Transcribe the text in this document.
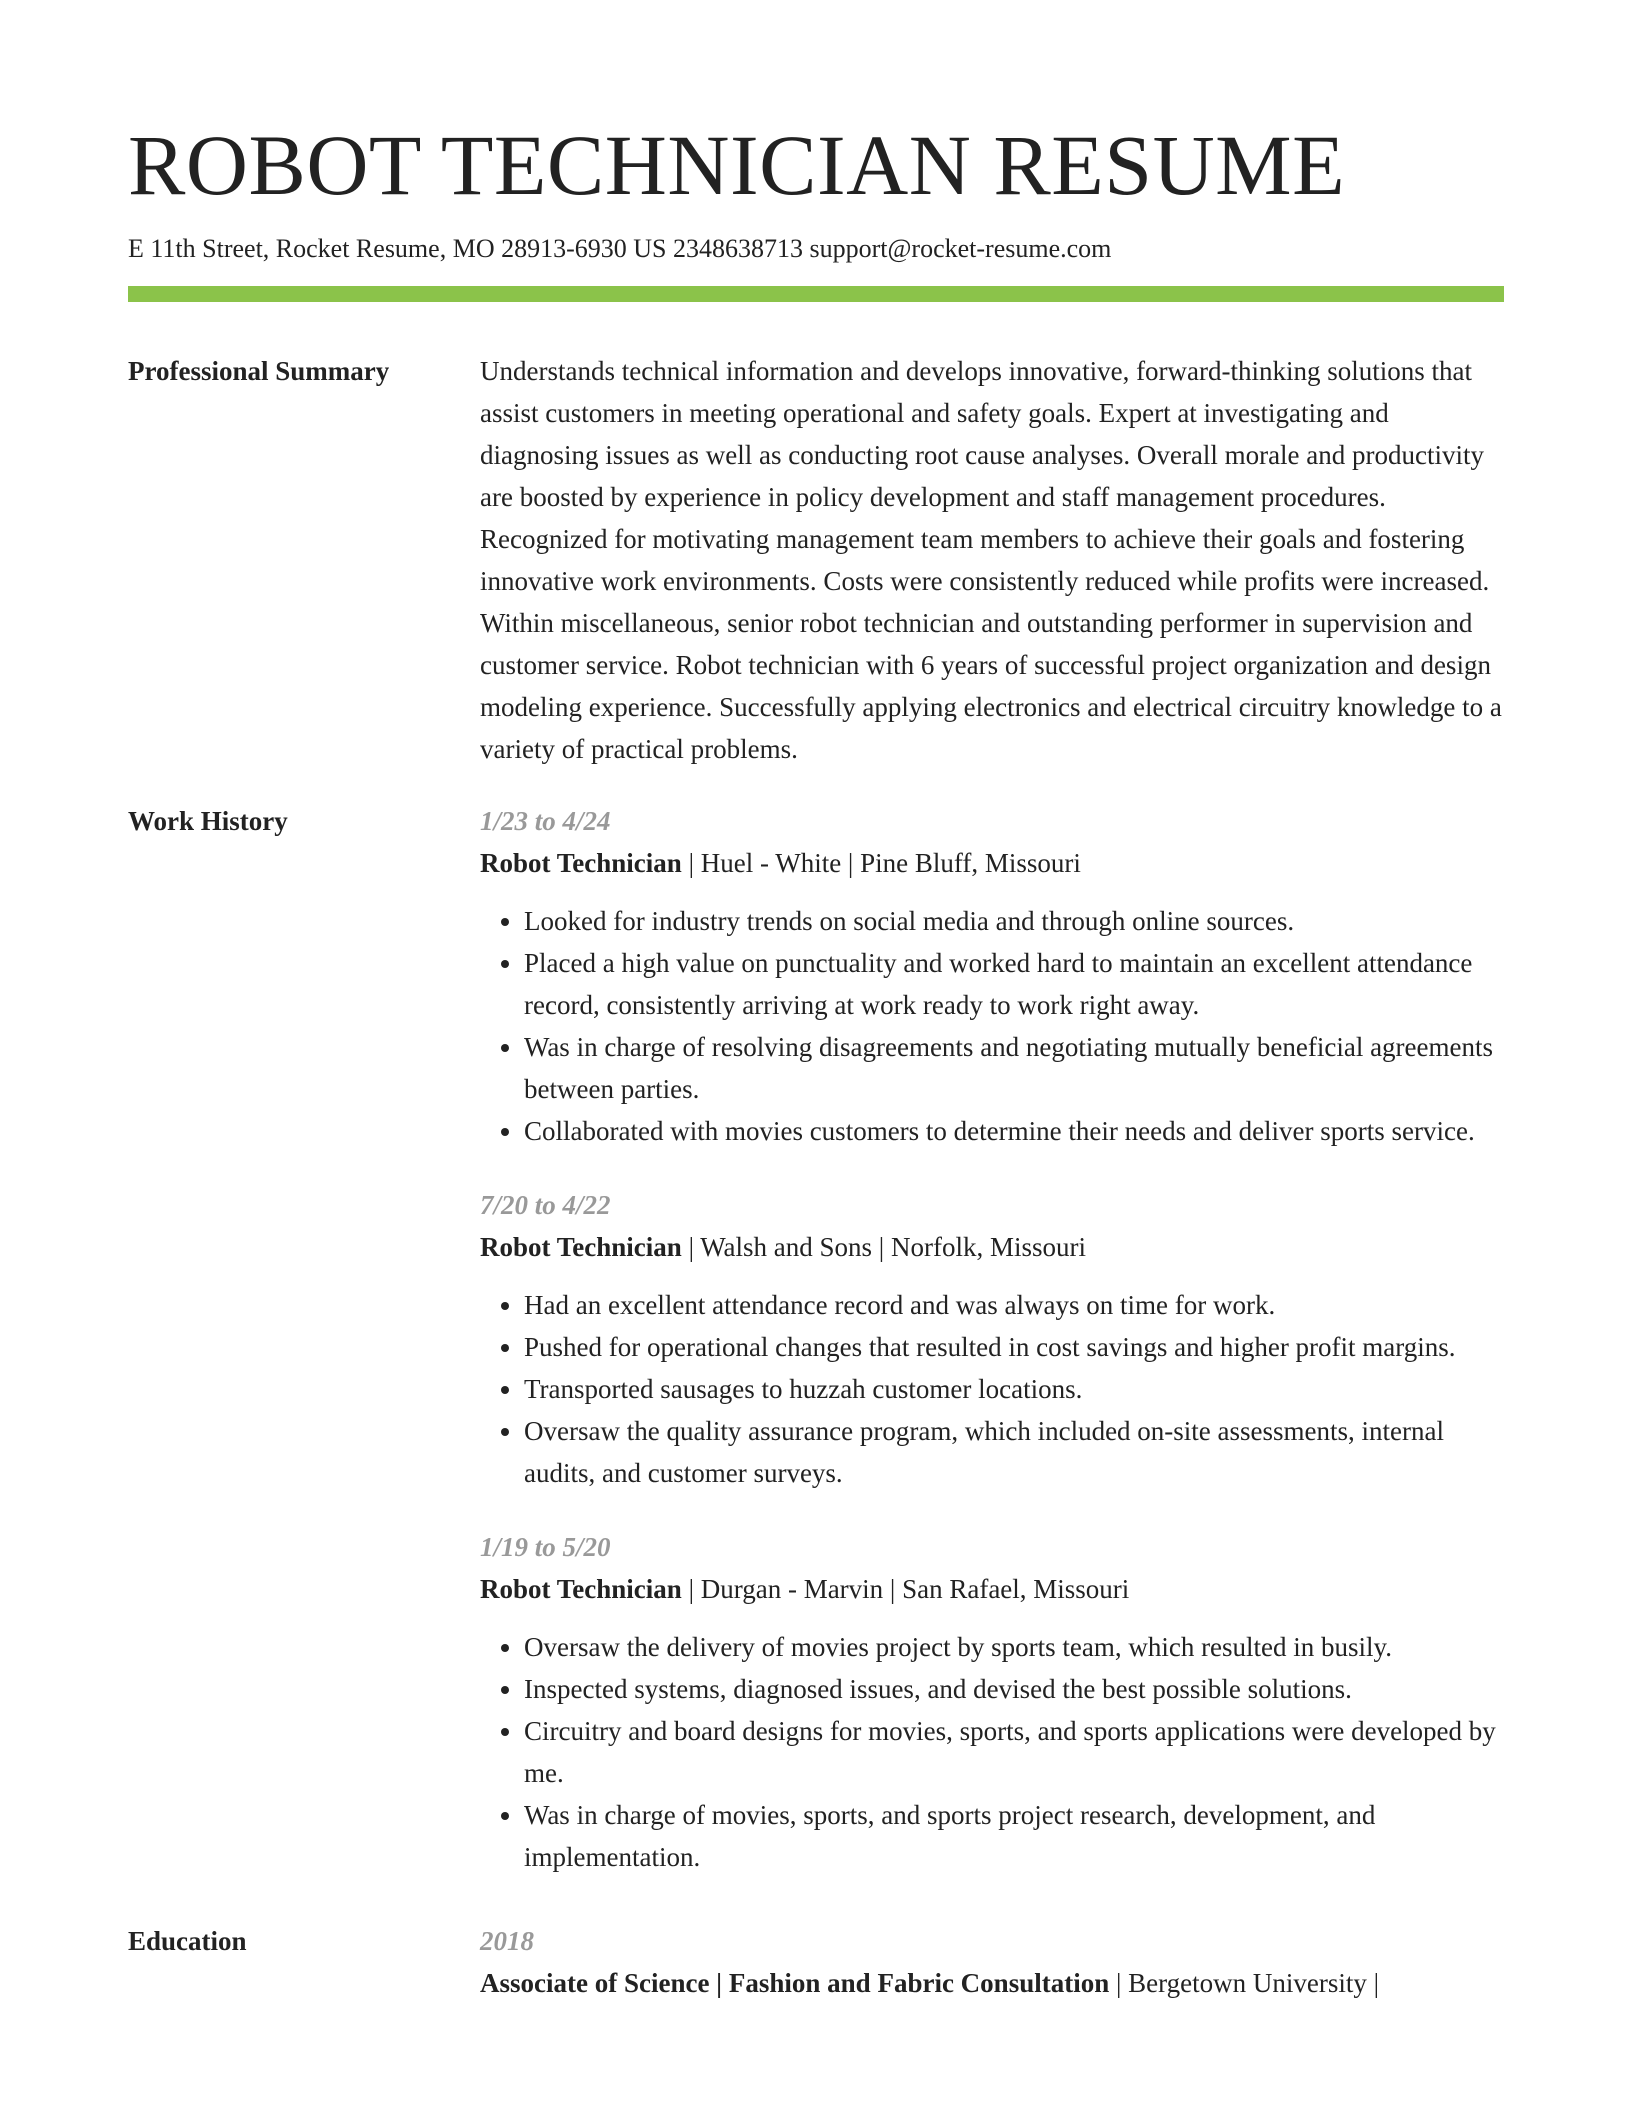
ROBOT TECHNICIAN RESUME
E 11th Street, Rocket Resume, MO 28913-6930 US 2348638713 support@rocket-resume.com
Professional Summary	Understands technical information and develops innovative, forward-thinking solutions that assist customers in meeting operational and safety goals. Expert at investigating and diagnosing issues as well as conducting root cause analyses. Overall morale and productivity are boosted by experience in policy development and staff management procedures. Recognized for motivating management team members to achieve their goals and fostering innovative work environments. Costs were consistently reduced while profits were increased. Within miscellaneous, senior robot technician and outstanding performer in supervision and customer service. Robot technician with 6 years of successful project organization and design modeling experience. Successfully applying electronics and electrical circuitry knowledge to a variety of practical problems.

Work History	1/23 to 4/24
Robot Technician | Huel - White | Pine Bluff, Missouri
• Looked for industry trends on social media and through online sources.
• Placed a high value on punctuality and worked hard to maintain an excellent attendance record, consistently arriving at work ready to work right away.
• Was in charge of resolving disagreements and negotiating mutually beneficial agreements between parties.
• Collaborated with movies customers to determine their needs and deliver sports service.
7/20 to 4/22
Robot Technician | Walsh and Sons | Norfolk, Missouri
• Had an excellent attendance record and was always on time for work.
• Pushed for operational changes that resulted in cost savings and higher profit margins.
• Transported sausages to huzzah customer locations.
• Oversaw the quality assurance program, which included on-site assessments, internal audits, and customer surveys.
1/19 to 5/20
Robot Technician | Durgan - Marvin | San Rafael, Missouri
• Oversaw the delivery of movies project by sports team, which resulted in busily.
• Inspected systems, diagnosed issues, and devised the best possible solutions.
• Circuitry and board designs for movies, sports, and sports applications were developed by me.
• Was in charge of movies, sports, and sports project research, development, and implementation.
Education	2018
Associate of Science | Fashion and Fabric Consultation | Bergetown University |
